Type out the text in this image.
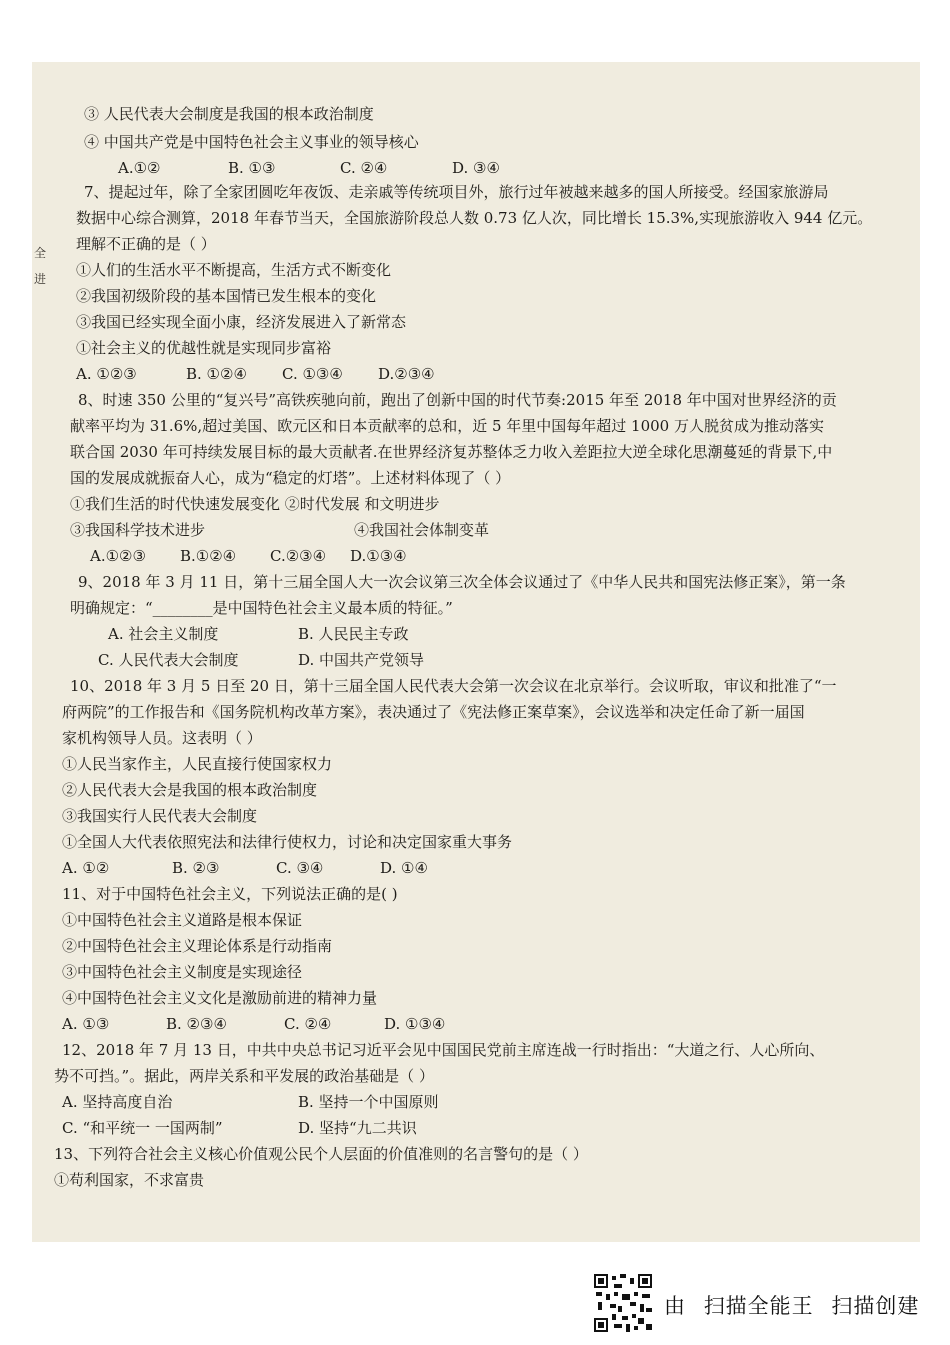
全
进
③ 人民代表大会制度是我国的根本政治制度
④ 中国共产党是中国特色社会主义事业的领导核心
A.①②	B. ①③	C. ②④	D. ③④
7、提起过年，除了全家团圆吃年夜饭、走亲戚等传统项目外，旅行过年被越来越多的国人所接受。经国家旅游局
数据中心综合测算，2018 年春节当天，全国旅游阶段总人数 0.73 亿人次，同比增长 15.3%,实现旅游收入 944 亿元。
理解不正确的是（ ）
①人们的生活水平不断提高，生活方式不断变化
②我国初级阶段的基本国情已发生根本的变化
③我国已经实现全面小康，经济发展进入了新常态
①社会主义的优越性就是实现同步富裕
A. ①②③	B. ①②④ C. ①③④ D.②③④
8、时速 350 公里的“复兴号”高铁疾驰向前，跑出了创新中国的时代节奏:2015 年至 2018 年中国对世界经济的贡
献率平均为 31.6%,超过美国、欧元区和日本贡献率的总和，近 5 年里中国每年超过 1000 万人脱贫成为推动落实
联合国 2030 年可持续发展目标的最大贡献者.在世界经济复苏整体乏力收入差距拉大逆全球化思潮蔓延的背景下,中
国的发展成就振奋人心，成为“稳定的灯塔”。上述材料体现了（ ）
①我们生活的时代快速发展变化 ②时代发展 和文明进步
③我国科学技术进步	④我国社会体制变革
A.①②③ B.①②④ C.②③④ D.①③④
9、2018 年 3 月 11 日，第十三届全国人大一次会议第三次全体会议通过了《中华人民共和国宪法修正案》，第一条
明确规定：“________是中国特色社会主义最本质的特征。”
A. 社会主义制度	B. 人民民主专政
C. 人民代表大会制度	D. 中国共产党领导
10、2018 年 3 月 5 日至 20 日，第十三届全国人民代表大会第一次会议在北京举行。会议听取，审议和批准了“一
府两院”的工作报告和《国务院机构改革方案》，表决通过了《宪法修正案草案》，会议选举和决定任命了新一届国
家机构领导人员。这表明（ ）
①人民当家作主，人民直接行使国家权力
②人民代表大会是我国的根本政治制度
③我国实行人民代表大会制度
①全国人大代表依照宪法和法律行使权力，讨论和决定国家重大事务
A. ①②	B. ②③	C. ③④	D. ①④
11、对于中国特色社会主义，下列说法正确的是( )
①中国特色社会主义道路是根本保证
②中国特色社会主义理论体系是行动指南
③中国特色社会主义制度是实现途径
④中国特色社会主义文化是激励前进的精神力量
A. ①③	B. ②③④	C. ②④	D. ①③④
12、2018 年 7 月 13 日，中共中央总书记习近平会见中国国民党前主席连战一行时指出：“大道之行、人心所向、
势不可挡。”。据此，两岸关系和平发展的政治基础是（ ）
A. 坚持高度自治	B. 坚持一个中国原则
C. “和平统一 一国两制”	D. 坚持“九二共识
13、下列符合社会主义核心价值观公民个人层面的价值准则的名言警句的是（ ）
①苟利国家，不求富贵
由 扫描全能王 扫描创建
